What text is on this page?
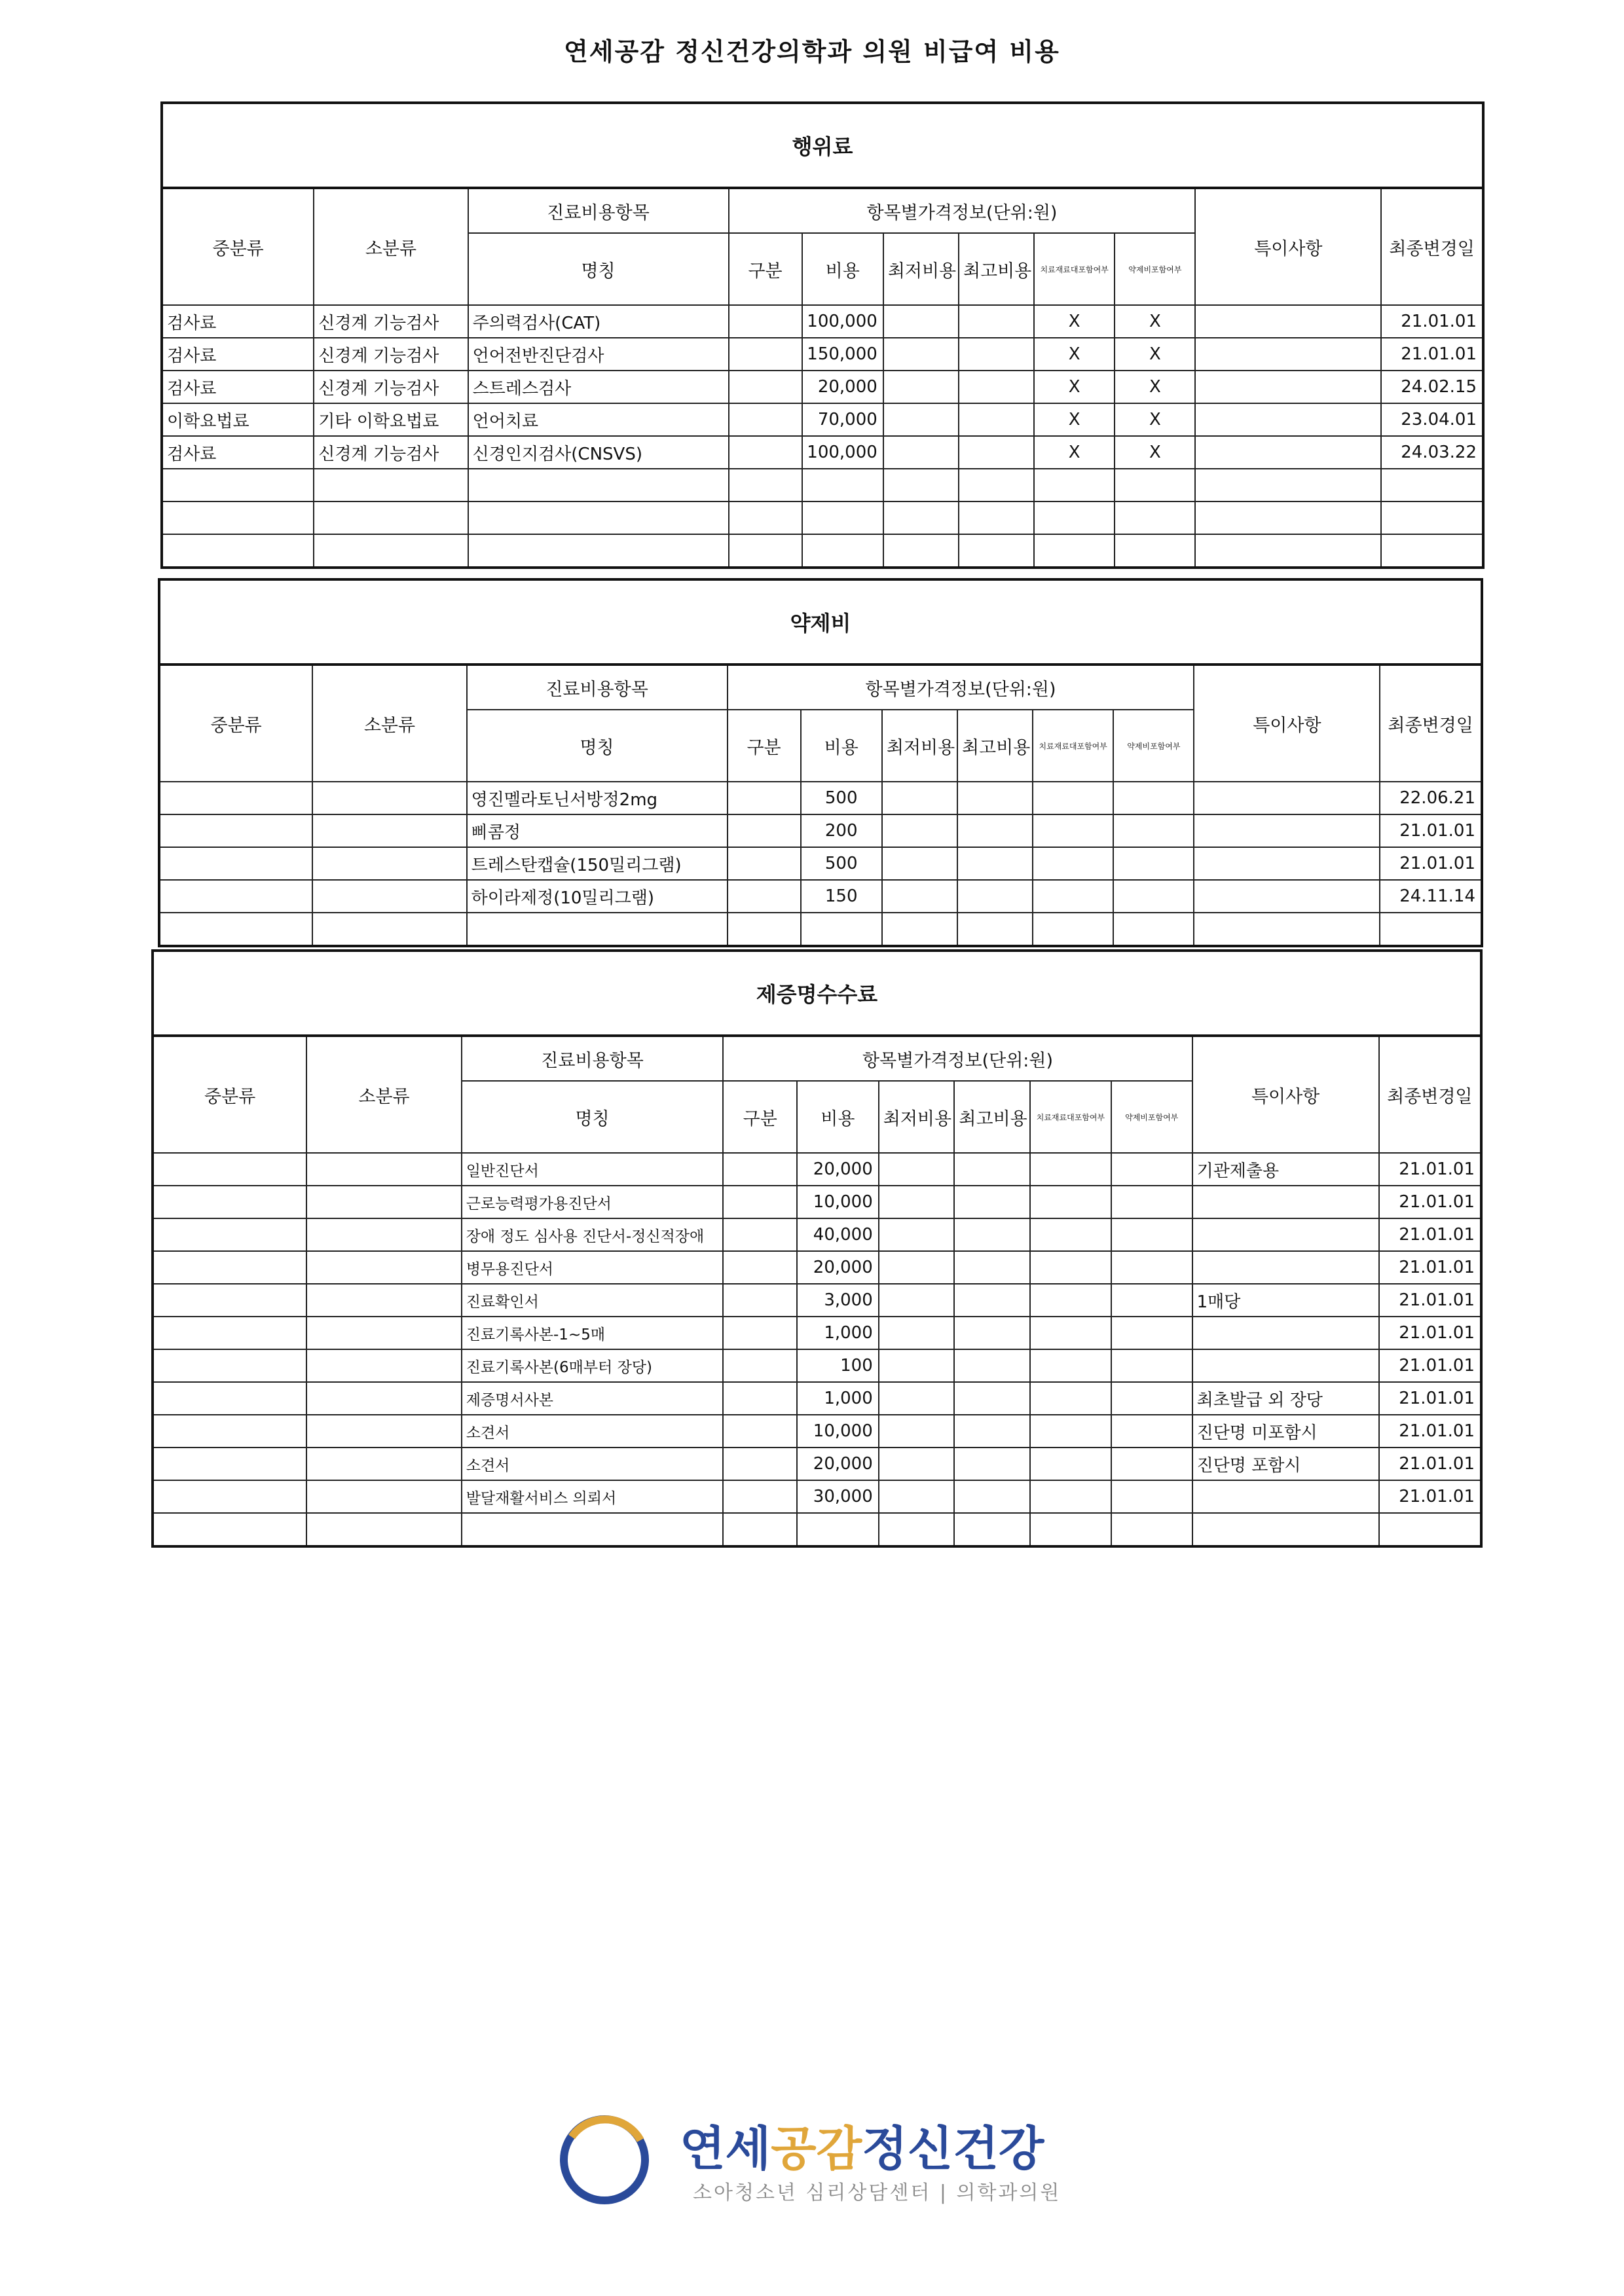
연세공감 정신건강의학과 의원 비급여 비용
행위료										
중분류	소분류	진료비용항목	항목별가격정보(단위:원)						특이사항	최종변경일
		명칭	구분	비용	최저비용	최고비용	치료재료대포함여부	약제비포함여부		
검사료	신경계 기능검사	주의력검사(CAT)		100,000			X	X		21.01.01
검사료	신경계 기능검사	언어전반진단검사		150,000			X	X		21.01.01
검사료	신경계 기능검사	스트레스검사		20,000			X	X		24.02.15
이학요법료	기타 이학요법료	언어치료		70,000			X	X		23.04.01
검사료	신경계 기능검사	신경인지검사(CNSVS)		100,000			X	X		24.03.22

약제비										
중분류	소분류	진료비용항목	항목별가격정보(단위:원)						특이사항	최종변경일
		명칭	구분	비용	최저비용	최고비용	치료재료대포함여부	약제비포함여부		
		영진멜라토닌서방정2mg		500						22.06.21
		삐콤정		200						21.01.01
		트레스탄캡슐(150밀리그램)		500						21.01.01
		하이라제정(10밀리그램)		150						24.11.14

제증명수수료										
중분류	소분류	진료비용항목	항목별가격정보(단위:원)						특이사항	최종변경일
		명칭	구분	비용	최저비용	최고비용	치료재료대포함여부	약제비포함여부		
		일반진단서		20,000					기관제출용	21.01.01
		근로능력평가용진단서		10,000						21.01.01
		장애 정도 심사용 진단서-정신적장애		40,000						21.01.01
		병무용진단서		20,000						21.01.01
		진료확인서		3,000					1매당	21.01.01
		진료기록사본-1~5매		1,000						21.01.01
		진료기록사본(6매부터 장당)		100						21.01.01
		제증명서사본		1,000					최초발급 외 장당	21.01.01
		소견서		10,000					진단명 미포함시	21.01.01
		소견서		20,000					진단명 포함시	21.01.01
		발달재활서비스 의뢰서		30,000						21.01.01

연세공감정신건강
소아청소년 심리상담센터 | 의학과의원
